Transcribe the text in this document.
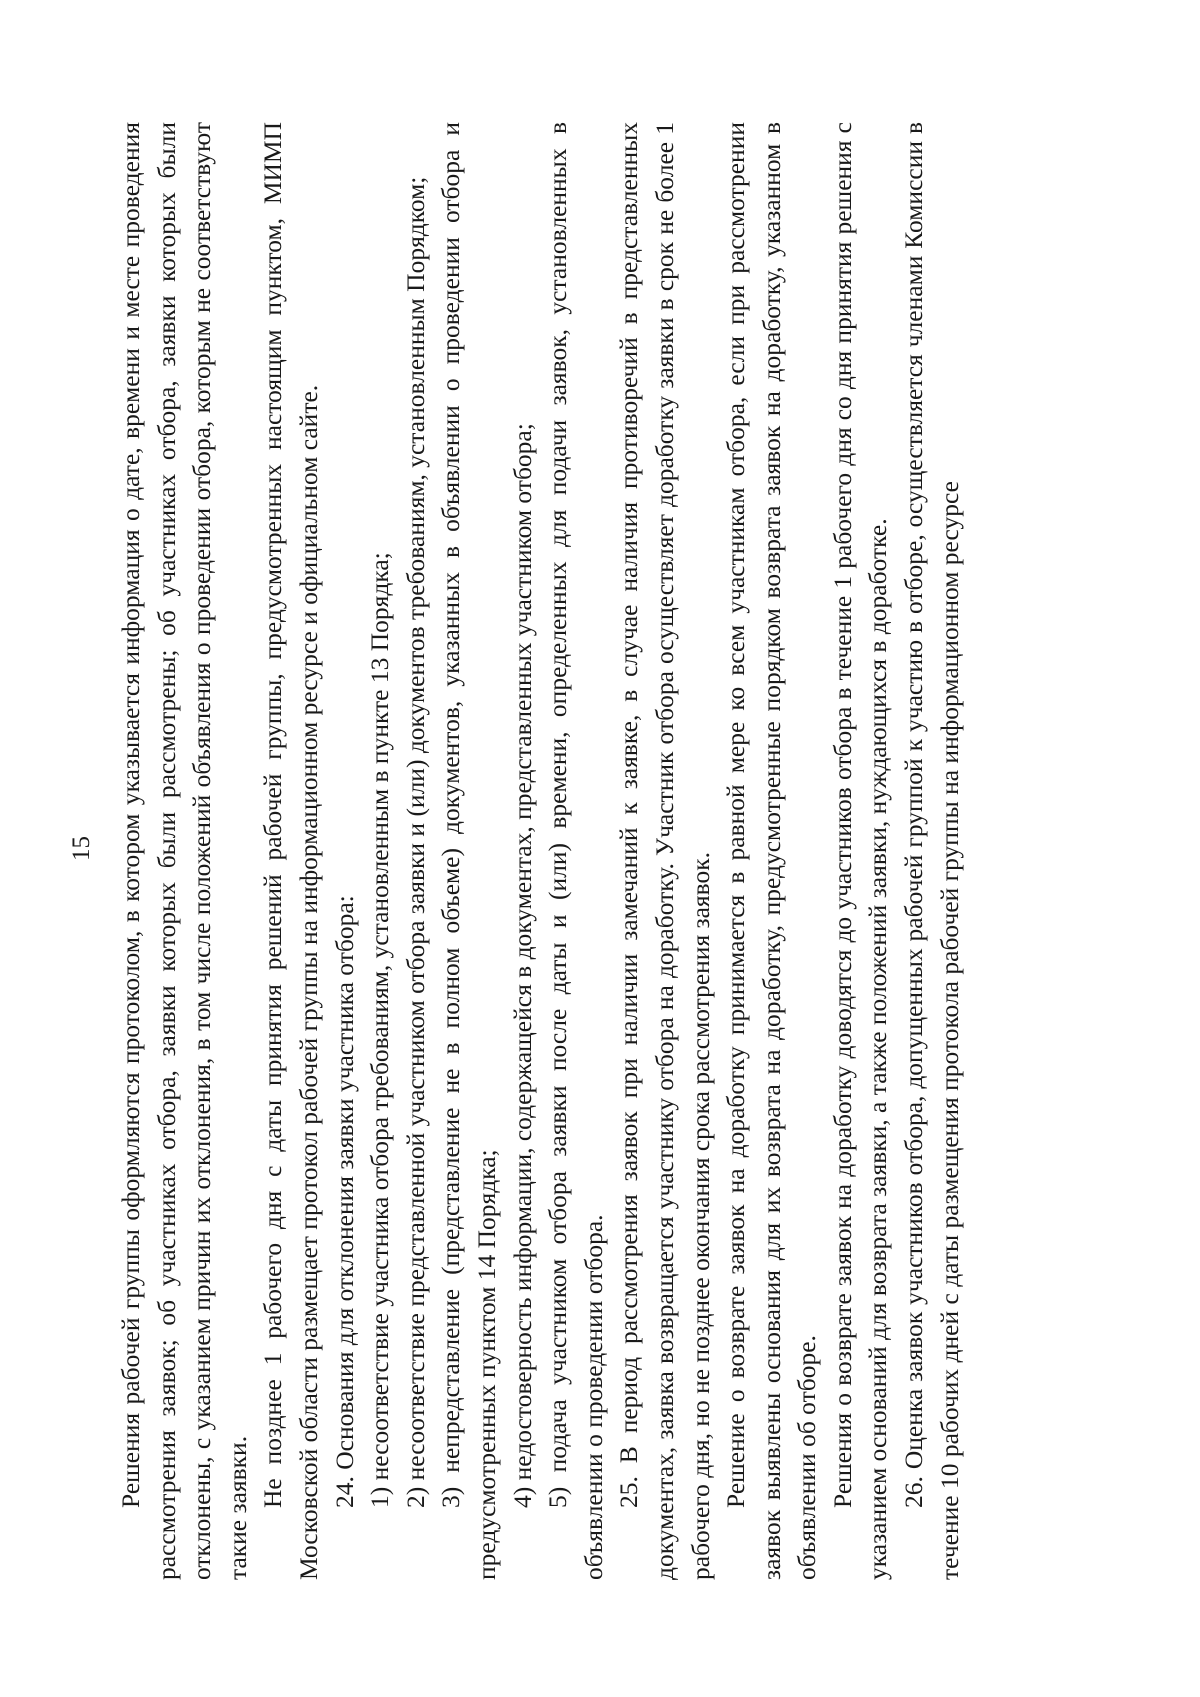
15 Решения рабочей группы оформляются протоколом, в котором указывается информация о дате, времени и месте проведения рассмотрения заявок; об участниках отбора, заявки которых были рассмотрены; об участниках отбора, заявки которых были отклонены, с указанием причин их отклонения, в том числе положений объявления о проведении отбора, которым не соответствуют такие заявки. Не позднее 1 рабочего дня с даты принятия решений рабочей группы, предусмотренных настоящим пунктом, МИМП Московской области размещает протокол рабочей группы на информационном ресурсе и официальном сайте. 24. Основания для отклонения заявки участника отбора: 1) несоответствие участника отбора требованиям, установленным в пункте 13 Порядка; 2) несоответствие представленной участником отбора заявки и (или) документов требованиям, установленным Порядком; 3) непредставление (представление не в полном объеме) документов, указанных в объявлении о проведении отбора и предусмотренных пунктом 14 Порядка; 4) недостоверность информации, содержащейся в документах, представленных участником отбора; 5) подача участником отбора заявки после даты и (или) времени, определенных для подачи заявок, установленных в объявлении о проведении отбора. 25. В период рассмотрения заявок при наличии замечаний к заявке, в случае наличия противоречий в представленных документах, заявка возвращается участнику отбора на доработку. Участник отбора осуществляет доработку заявки в срок не более 1 рабочего дня, но не позднее окончания срока рассмотрения заявок. Решение о возврате заявок на доработку принимается в равной мере ко всем участникам отбора, если при рассмотрении заявок выявлены основания для их возврата на доработку, предусмотренные порядком возврата заявок на доработку, указанном в объявлении об отборе. Решения о возврате заявок на доработку доводятся до участников отбора в течение 1 рабочего дня со дня принятия решения с указанием оснований для возврата заявки, а также положений заявки, нуждающихся в доработке. 26. Оценка заявок участников отбора, допущенных рабочей группой к участию в отборе, осуществляется членами Комиссии в течение 10 рабочих дней с даты размещения протокола рабочей группы на информационном ресурсе
